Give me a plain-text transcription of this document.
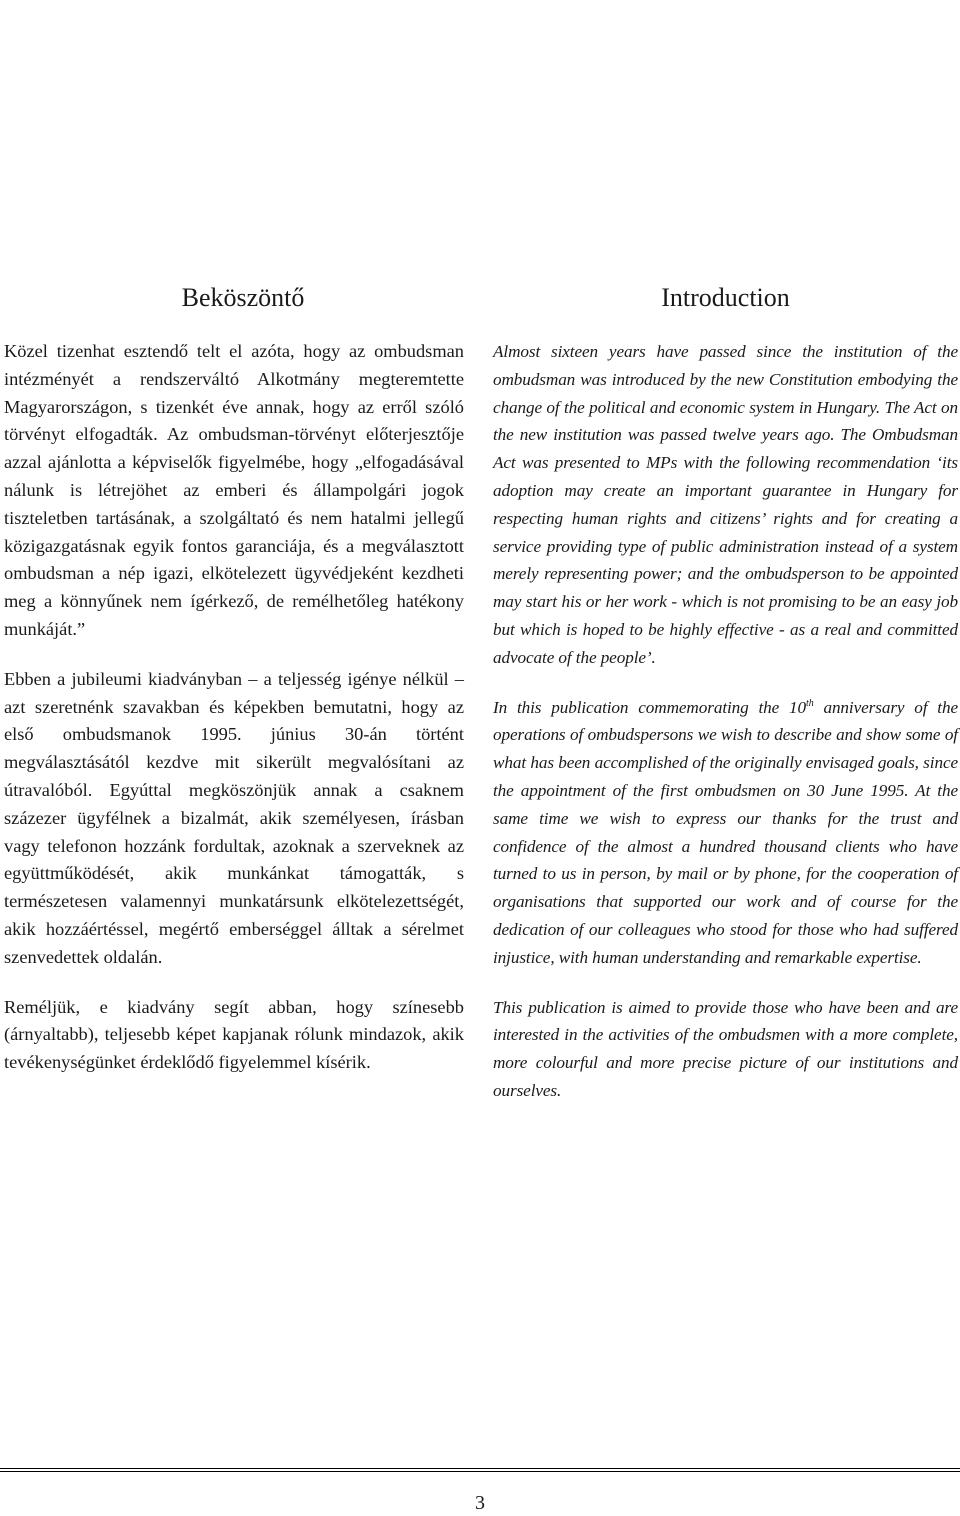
Beköszöntő

Közel tizenhat esztendő telt el azóta, hogy az ombudsman intézményét a rendszerváltó Alkotmány megteremtette Magyarországon, s tizenkét éve annak, hogy az erről szóló törvényt elfogadták. Az ombudsman-törvényt előterjesztője azzal ajánlotta a képviselők figyelmébe, hogy „elfogadásával nálunk is létrejöhet az emberi és állampolgári jogok tiszteletben tartásának, a szolgáltató és nem hatalmi jellegű közigazgatásnak egyik fontos garanciája, és a megválasztott ombudsman a nép igazi, elkötelezett ügyvédjeként kezdheti meg a könnyűnek nem ígérkező, de remélhetőleg hatékony munkáját.”

Ebben a jubileumi kiadványban – a teljesség igénye nélkül – azt szeretnénk szavakban és képekben bemutatni, hogy az első ombudsmanok 1995. június 30-án történt megválasztásától kezdve mit sikerült megvalósítani az útravalóból. Egyúttal megköszönjük annak a csaknem százezer ügyfélnek a bizalmát, akik személyesen, írásban vagy telefonon hozzánk fordultak, azoknak a szerveknek az együttműködését, akik munkánkat támogatták, s természetesen valamennyi munkatársunk elkötelezettségét, akik hozzáértéssel, megértő emberséggel álltak a sérelmet szenvedettek oldalán.

Reméljük, e kiadvány segít abban, hogy színesebb (árnyaltabb), teljesebb képet kapjanak rólunk mindazok, akik tevékenységünket érdeklődő figyelemmel kísérik.

Introduction

Almost sixteen years have passed since the institution of the ombudsman was introduced by the new Constitution embodying the change of the political and economic system in Hungary. The Act on the new institution was passed twelve years ago. The Ombudsman Act was presented to MPs with the following recommendation ‘its adoption may create an important guarantee in Hungary for respecting human rights and citizens’ rights and for creating a service providing type of public administration instead of a system merely representing power; and the ombudsperson to be appointed may start his or her work - which is not promising to be an easy job but which is hoped to be highly effective - as a real and committed advocate of the people’.

In this publication commemorating the 10th anniversary of the operations of ombudspersons we wish to describe and show some of what has been accomplished of the originally envisaged goals, since the appointment of the first ombudsmen on 30 June 1995. At the same time we wish to express our thanks for the trust and confidence of the almost a hundred thousand clients who have turned to us in person, by mail or by phone, for the cooperation of organisations that supported our work and of course for the dedication of our colleagues who stood for those who had suffered injustice, with human understanding and remarkable expertise.

This publication is aimed to provide those who have been and are interested in the activities of the ombudsmen with a more complete, more colourful and more precise picture of our institutions and ourselves.

3
